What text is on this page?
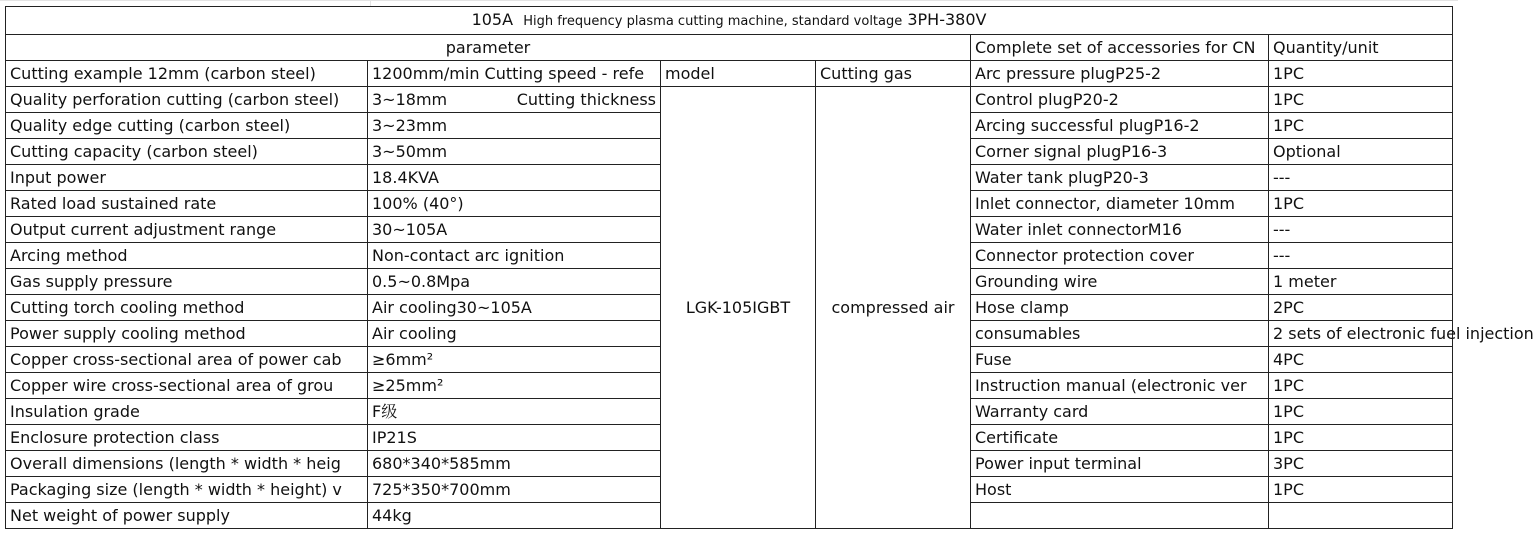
105A High frequency plasma cutting machine, standard voltage 3PH-380V					
parameter				Complete set of accessories for CN	Quantity/unit
Cutting example 12mm (carbon steel)	1200mm/min Cutting speed - refe	model	Cutting gas	Arc pressure plugP25-2	1PC
Quality perforation cutting (carbon steel)	3~18mm Cutting thickness	LGK-105IGBT	compressed air	Control plugP20-2	1PC
Quality edge cutting (carbon steel)	3~23mm			Arcing successful plugP16-2	1PC
Cutting capacity (carbon steel)	3~50mm			Corner signal plugP16-3	Optional
Input power	18.4KVA			Water tank plugP20-3	---
Rated load sustained rate	100% (40°)			Inlet connector, diameter 10mm	1PC
Output current adjustment range	30~105A			Water inlet connectorM16	---
Arcing method	Non-contact arc ignition			Connector protection cover	---
Gas supply pressure	0.5~0.8Mpa			Grounding wire	1 meter
Cutting torch cooling method	Air cooling30~105A			Hose clamp	2PC
Power supply cooling method	Air cooling			consumables	2 sets of electronic fuel injection
Copper cross-sectional area of power cab	≥6mm²			Fuse	4PC
Copper wire cross-sectional area of grou	≥25mm²			Instruction manual (electronic ver	1PC
Insulation grade	F级			Warranty card	1PC
Enclosure protection class	IP21S			Certificate	1PC
Overall dimensions (length * width * heig	680*340*585mm			Power input terminal	3PC
Packaging size (length * width * height) v	725*350*700mm			Host	1PC
Net weight of power supply	44kg				
